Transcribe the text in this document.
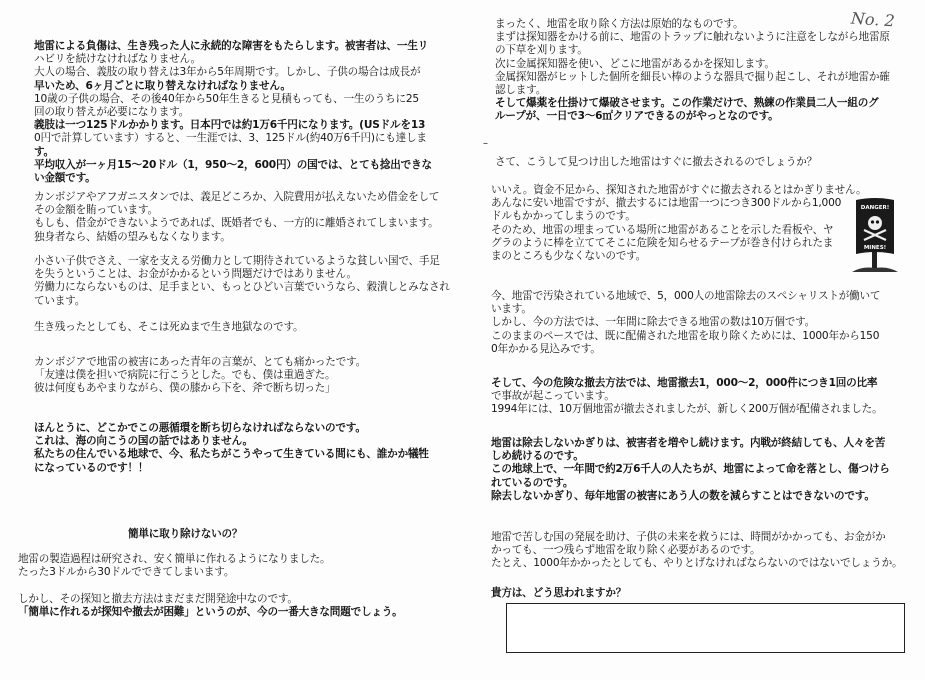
No. 2
地雷による負傷は、生き残った人に永続的な障害をもたらします。被害者は、一生リ
ハビリを続けなければなりません。
大人の場合、義肢の取り替えは3年から5年周期です。しかし、子供の場合は成長が
早いため、6ヶ月ごとに取り替えなければなりません。
10歳の子供の場合、その後40年から50年生きると見積もっても、一生のうちに25
回の取り替えが必要になります。
義肢は一つ125ドルかかります。日本円では約1万6千円になります。(USドルを13
0円で計算しています）すると、一生涯では、3、125ドル(約40万6千円)にも達しま
す。
平均収入が一ヶ月15～20ドル（1，950～2，600円）の国では、とても捻出できな
い金額です。
カンボジアやアフガニスタンでは、義足どころか、入院費用が払えないため借金をして
その金額を賄っています。
もしも、借金ができないようであれば、既婚者でも、一方的に離婚されてしまいます。
独身者なら、結婚の望みもなくなります。
小さい子供でさえ、一家を支える労働力として期待されているような貧しい国で、手足
を失うということは、お金がかかるという問題だけではありません。
労働力にならないものは、足手まとい、もっとひどい言葉でいうなら、穀潰しとみなされ
ています。
生き残ったとしても、そこは死ぬまで生き地獄なのです。
カンボジアで地雷の被害にあった青年の言葉が、とても痛かったです。
「友達は僕を担いで病院に行こうとした。でも、僕は重過ぎた。
彼は何度もあやまりながら、僕の膝から下を、斧で断ち切った」
ほんとうに、どこかでこの悪循環を断ち切らなければならないのです。
これは、海の向こうの国の話ではありません。
私たちの住んでいる地球で、今、私たちがこうやって生きている間にも、誰かか犠牲
になっているのです！！
簡単に取り除けないの？
地雷の製造過程は研究され、安く簡単に作れるようになりました。
たった3ドルから30ドルでできてしまいます。
しかし、その探知と撤去方法はまだまだ開発途中なのです。
「簡単に作れるが探知や撤去が困難」というのが、今の一番大きな問題でしょう。
まったく、地雷を取り除く方法は原始的なものです。
まずは探知器をかける前に、地雷のトラップに触れないように注意をしながら地雷原
の下草を刈ります。
次に金属探知器を使い、どこに地雷があるかを探知します。
金属探知器がヒットした個所を細長い棒のような器具で掘り起こし、それが地雷か確
認します。
そして爆薬を仕掛けて爆破させます。この作業だけで、熟練の作業員二人一組のグ
ループが、一日で3～6㎡クリアできるのがやっとなのです。
–
さて、こうして見つけ出した地雷はすぐに撤去されるのでしょうか？
いいえ。資金不足から、探知された地雷がすぐに撤去されるとはかぎりません。
あんなに安い地雷ですが、撤去するには地雷一つにつき300ドルから1,000
ドルもかかってしまうのです。
そのため、地雷の埋まっている場所に地雷があることを示した看板や、ヤ
グラのように棒を立ててそこに危険を知らせるテープが巻き付けられたま
まのところも少なくないのです。
DANGER!
MINES!
今、地雷で汚染されている地域で、5，000人の地雷除去のスペシャリストが働いて
います。
しかし、今の方法では、一年間に除去できる地雷の数は10万個です。
このままのペースでは、既に配備された地雷を取り除くためには、1000年から150
0年かかる見込みです。
そして、今の危険な撤去方法では、地雷撤去1，000～2，000件につき1回の比率
で事故が起こっています。
1994年には、10万個地雷が撤去されましたが、新しく200万個が配備されました。
地雷は除去しないかぎりは、被害者を増やし続けます。内戦が終結しても、人々を苦
しめ続けるのです。
この地球上で、一年間で約2万6千人の人たちが、地雷によって命を落とし、傷つけら
れているのです。
除去しないかぎり、毎年地雷の被害にあう人の数を減らすことはできないのです。
地雷で苦しむ国の発展を助け、子供の未来を救うには、時間がかかっても、お金がか
かっても、一つ残らず地雷を取り除く必要があるのです。
たとえ、1000年かかったとしても、やりとげなければならないのではないでしょうか。
貴方は、どう思われますか？
